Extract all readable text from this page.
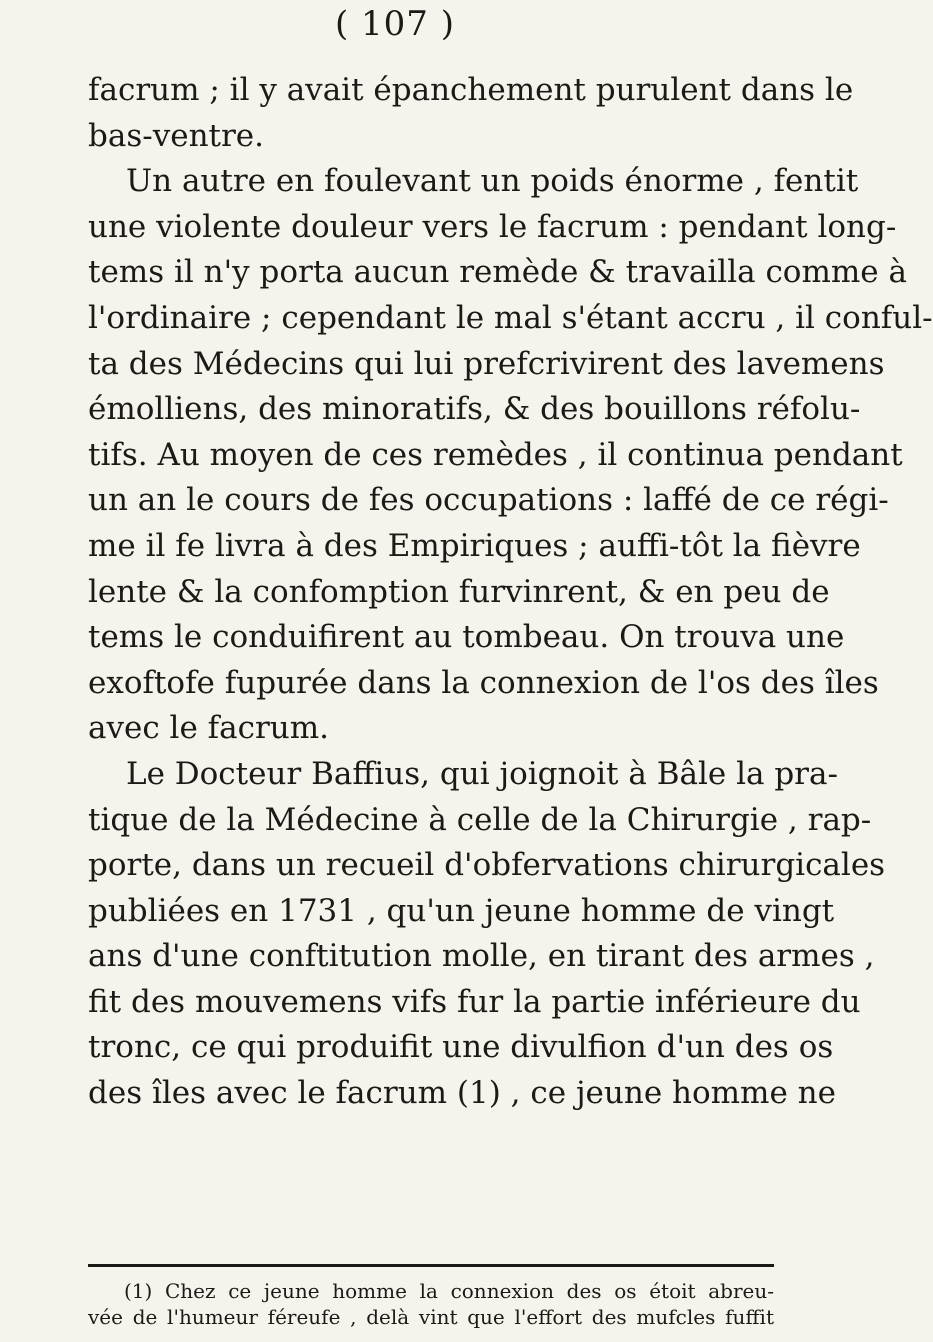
( 107 )
facrum ; il y avait épanchement purulent dans le
bas-ventre.
Un autre en foulevant un poids énorme , fentit
une violente douleur vers le facrum : pendant long-
tems il n'y porta aucun remède & travailla comme à
l'ordinaire ; cependant le mal s'étant accru , il conful-
ta des Médecins qui lui prefcrivirent des lavemens
émolliens, des minoratifs, & des bouillons réfolu-
tifs. Au moyen de ces remèdes , il continua pendant
un an le cours de fes occupations : laffé de ce régi-
me il fe livra à des Empiriques ; auffi-tôt la fièvre
lente & la confomption furvinrent, & en peu de
tems le conduifirent au tombeau. On trouva une
exoftofe fupurée dans la connexion de l'os des îles
avec le facrum.
Le Docteur Baffius, qui joignoit à Bâle la pra-
tique de la Médecine à celle de la Chirurgie , rap-
porte, dans un recueil d'obfervations chirurgicales
publiées en 1731 , qu'un jeune homme de vingt
ans d'une conftitution molle, en tirant des armes ,
fit des mouvemens vifs fur la partie inférieure du
tronc, ce qui produifit une divulfion d'un des os
des îles avec le facrum (1) , ce jeune homme ne
(1) Chez ce jeune homme la connexion des os étoit abreu-
vée de l'humeur féreufe , delà vint que l'effort des mufcles fuffit
